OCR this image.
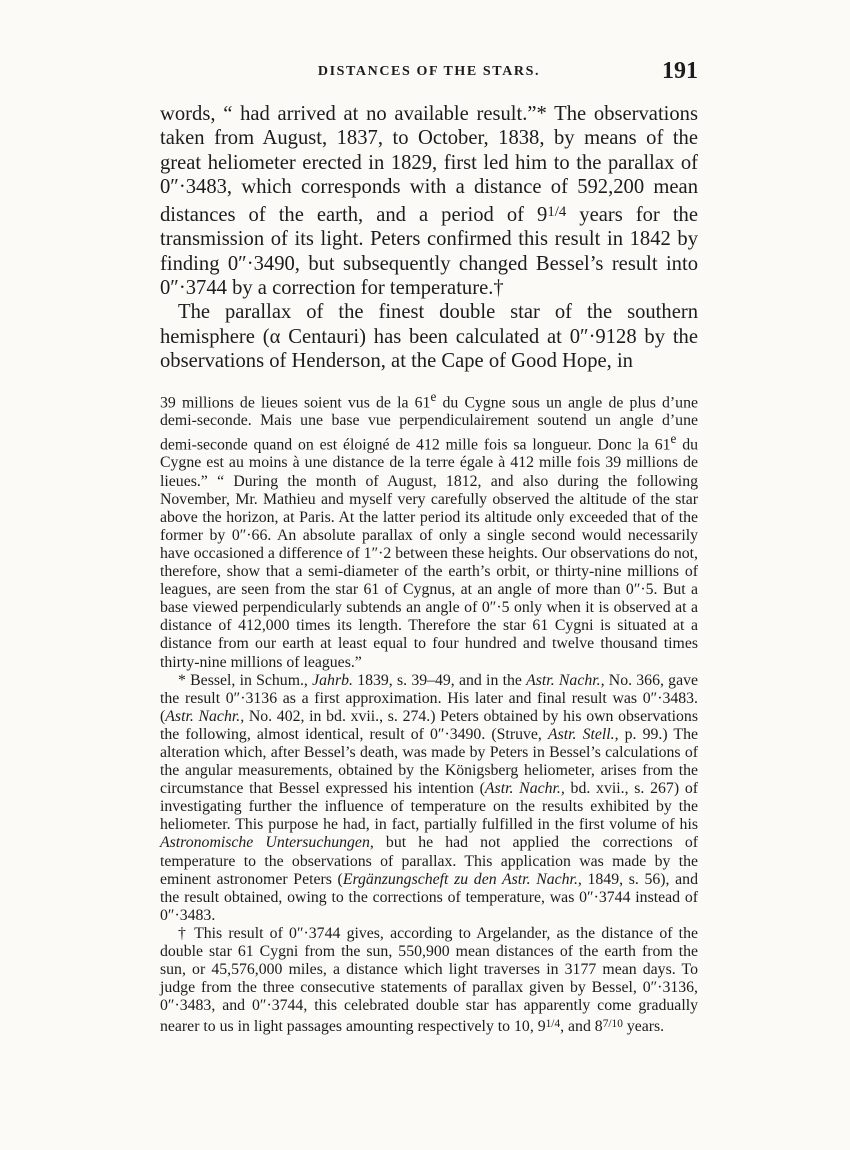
DISTANCES OF THE STARS.	191

words, “ had arrived at no available result.”* The observations taken from August, 1837, to October, 1838, by means of the great heliometer erected in 1829, first led him to the parallax of 0″·3483, which corresponds with a distance of 592,200 mean distances of the earth, and a period of $9^{1/4}$ years for the transmission of its light. Peters confirmed this result in 1842 by finding 0″·3490, but subsequently changed Bessel’s result into 0″·3744 by a correction for temperature.†

The parallax of the finest double star of the southern hemisphere (α Centauri) has been calculated at 0″·9128 by the observations of Henderson, at the Cape of Good Hope, in

39 millions de lieues soient vus de la 61e du Cygne sous un angle de plus d’une demi-seconde. Mais une base vue perpendiculairement soutend un angle d’une demi-seconde quand on est éloigné de 412 mille fois sa longueur. Donc la 61e du Cygne est au moins à une distance de la terre égale à 412 mille fois 39 millions de lieues.” “ During the month of August, 1812, and also during the following November, Mr. Mathieu and myself very carefully observed the altitude of the star above the horizon, at Paris. At the latter period its altitude only exceeded that of the former by 0″·66. An absolute parallax of only a single second would necessarily have occasioned a difference of 1″·2 between these heights. Our observations do not, therefore, show that a semi-diameter of the earth’s orbit, or thirty-nine millions of leagues, are seen from the star 61 of Cygnus, at an angle of more than 0″·5. But a base viewed perpendicularly subtends an angle of 0″·5 only when it is observed at a distance of 412,000 times its length. Therefore the star 61 Cygni is situated at a distance from our earth at least equal to four hundred and twelve thousand times thirty-nine millions of leagues.”

* Bessel, in Schum., Jahrb. 1839, s. 39–49, and in the Astr. Nachr., No. 366, gave the result 0″·3136 as a first approximation. His later and final result was 0″·3483. (Astr. Nachr., No. 402, in bd. xvii., s. 274.) Peters obtained by his own observations the following, almost identical, result of 0″·3490. (Struve, Astr. Stell., p. 99.) The alteration which, after Bessel’s death, was made by Peters in Bessel’s calculations of the angular measurements, obtained by the Königsberg heliometer, arises from the circumstance that Bessel expressed his intention (Astr. Nachr., bd. xvii., s. 267) of investigating further the influence of temperature on the results exhibited by the heliometer. This purpose he had, in fact, partially fulfilled in the first volume of his Astronomische Untersuchungen, but he had not applied the corrections of temperature to the observations of parallax. This application was made by the eminent astronomer Peters (Ergänzungscheft zu den Astr. Nachr., 1849, s. 56), and the result obtained, owing to the corrections of temperature, was 0″·3744 instead of 0″·3483.

† This result of 0″·3744 gives, according to Argelander, as the distance of the double star 61 Cygni from the sun, 550,900 mean distances of the earth from the sun, or 45,576,000 miles, a distance which light traverses in 3177 mean days. To judge from the three consecutive statements of parallax given by Bessel, 0″·3136, 0″·3483, and 0″·3744, this celebrated double star has apparently come gradually nearer to us in light passages amounting respectively to 10, $9^{1/4}$, and $8^{7/10}$ years.
